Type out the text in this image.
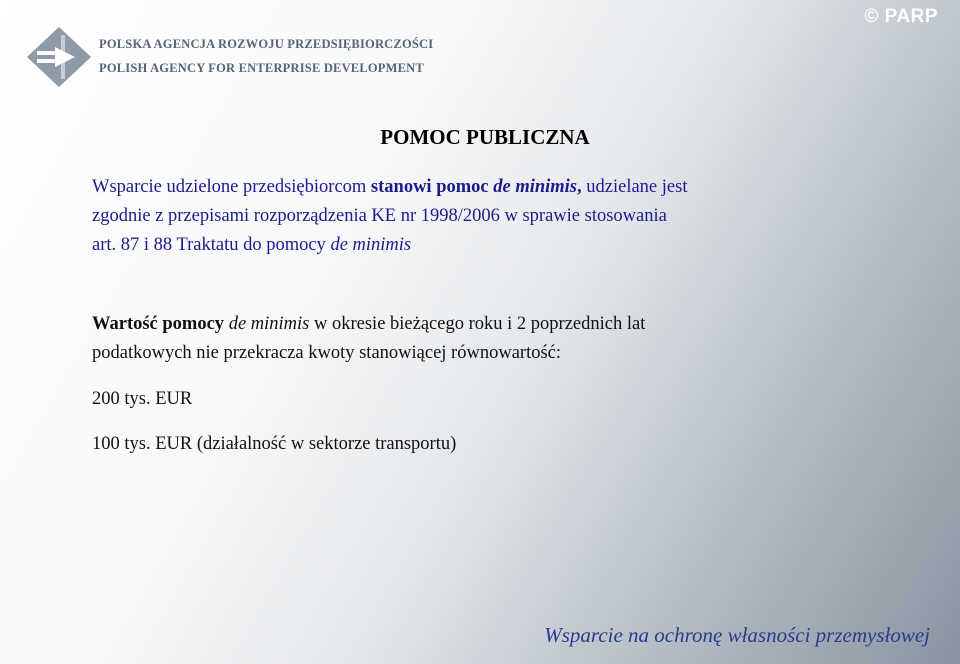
© PARP
POLSKA AGENCJA ROZWOJU PRZEDSIĘBIORCZOŚCI
POLISH AGENCY FOR ENTERPRISE DEVELOPMENT
POMOC PUBLICZNA
Wsparcie udzielone przedsiębiorcom stanowi pomoc de minimis, udzielane jest
zgodnie z przepisami rozporządzenia KE nr 1998/2006 w sprawie stosowania
art. 87 i 88 Traktatu do pomocy de minimis
Wartość pomocy de minimis w okresie bieżącego roku i 2 poprzednich lat
podatkowych nie przekracza kwoty stanowiącej równowartość:
200 tys. EUR
100 tys. EUR (działalność w sektorze transportu)
Wsparcie na ochronę własności przemysłowej
